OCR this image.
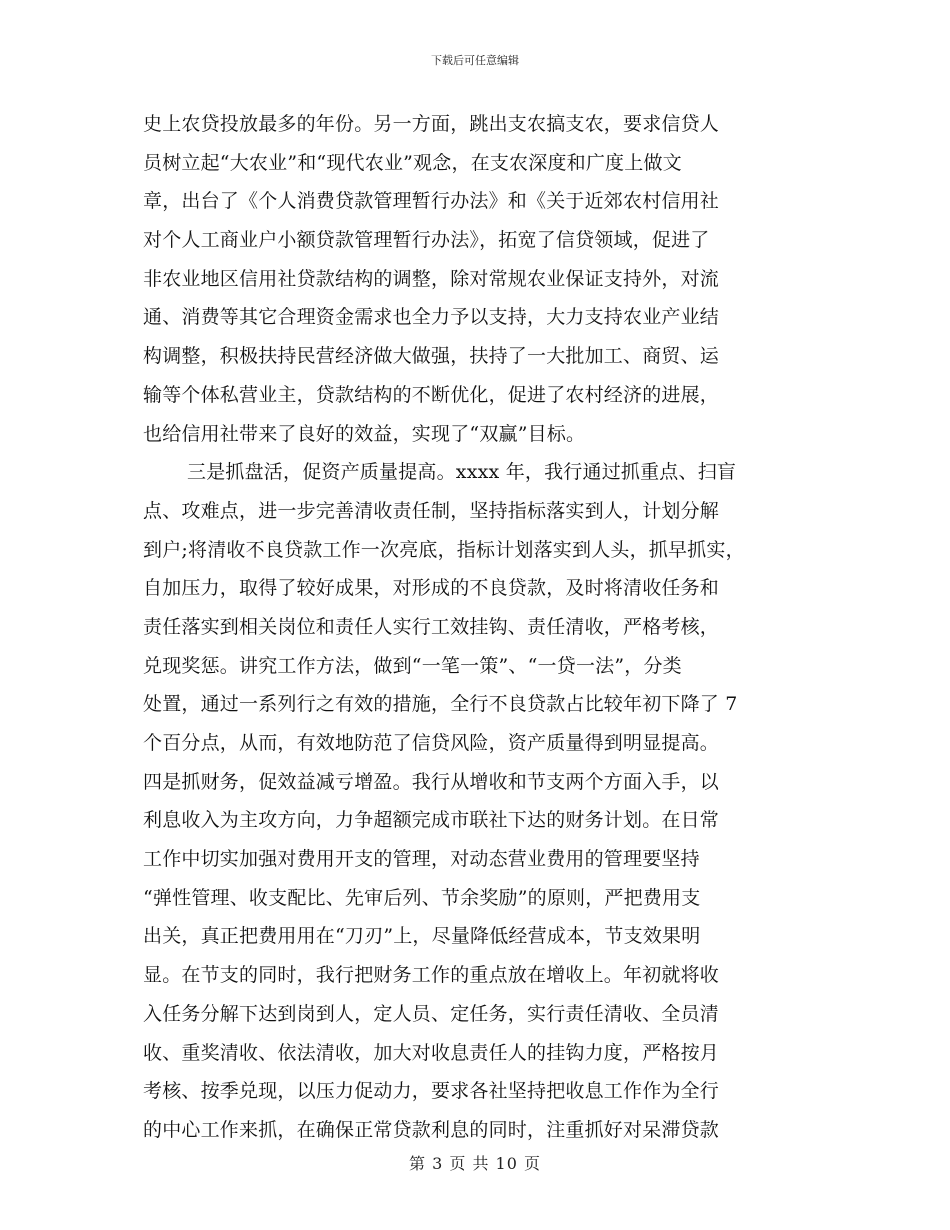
下载后可任意编辑
史上农贷投放最多的年份。另一方面，跳出支农搞支农，要求信贷人
员树立起“大农业”和“现代农业”观念，在支农深度和广度上做文
章，出台了《个人消费贷款管理暂行办法》和《关于近郊农村信用社
对个人工商业户小额贷款管理暂行办法》，拓宽了信贷领域，促进了
非农业地区信用社贷款结构的调整，除对常规农业保证支持外，对流
通、消费等其它合理资金需求也全力予以支持，大力支持农业产业结
构调整，积极扶持民营经济做大做强，扶持了一大批加工、商贸、运
输等个体私营业主，贷款结构的不断优化，促进了农村经济的进展，
也给信用社带来了良好的效益，实现了“双赢”目标。
三是抓盘活，促资产质量提高。xxxx 年，我行通过抓重点、扫盲
点、攻难点，进一步完善清收责任制，坚持指标落实到人，计划分解
到户;将清收不良贷款工作一次亮底，指标计划落实到人头，抓早抓实，
自加压力，取得了较好成果，对形成的不良贷款，及时将清收任务和
责任落实到相关岗位和责任人实行工效挂钩、责任清收，严格考核，
兑现奖惩。讲究工作方法，做到“一笔一策”、“一贷一法”，分类
处置，通过一系列行之有效的措施，全行不良贷款占比较年初下降了 7
个百分点，从而，有效地防范了信贷风险，资产质量得到明显提高。
四是抓财务，促效益减亏增盈。我行从增收和节支两个方面入手，以
利息收入为主攻方向，力争超额完成市联社下达的财务计划。在日常
工作中切实加强对费用开支的管理，对动态营业费用的管理要坚持
“弹性管理、收支配比、先审后列、节余奖励”的原则，严把费用支
出关，真正把费用用在“刀刃”上，尽量降低经营成本，节支效果明
显。在节支的同时，我行把财务工作的重点放在增收上。年初就将收
入任务分解下达到岗到人，定人员、定任务，实行责任清收、全员清
收、重奖清收、依法清收，加大对收息责任人的挂钩力度，严格按月
考核、按季兑现，以压力促动力，要求各社坚持把收息工作作为全行
的中心工作来抓，在确保正常贷款利息的同时，注重抓好对呆滞贷款
第 3 页 共 10 页
